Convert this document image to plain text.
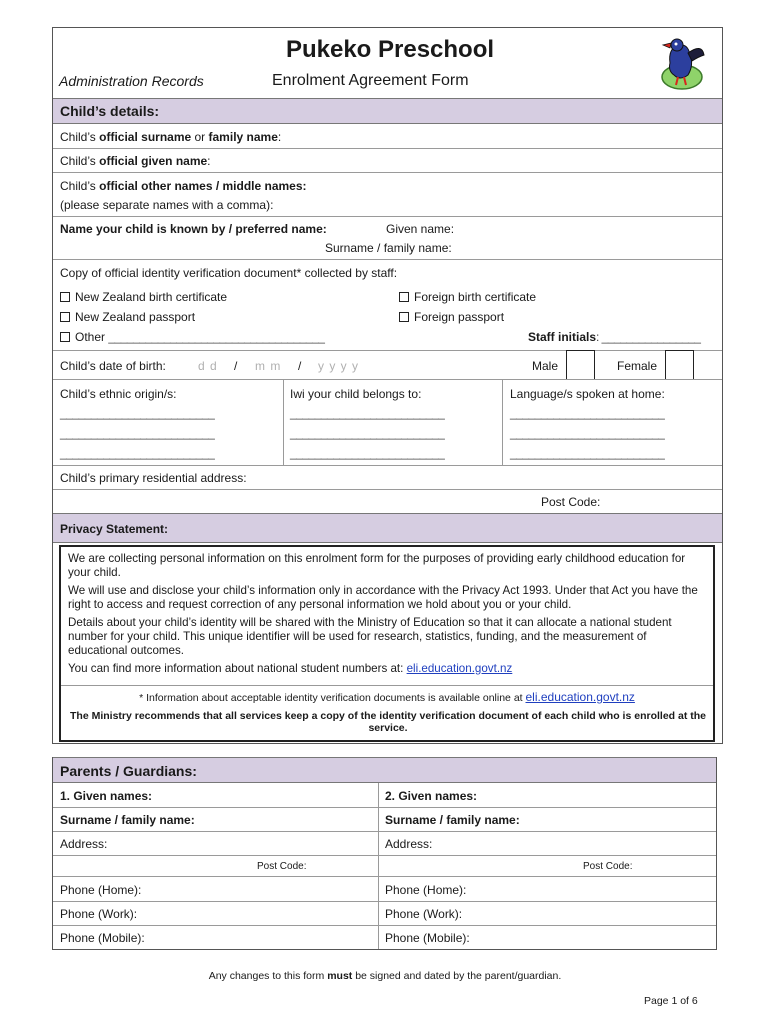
Pukeko Preschool
Administration Records	Enrolment Agreement Form
Child’s details:
Child’s official surname or family name:
Child’s official given name:
Child’s official other names / middle names:
(please separate names with a comma):
Name your child is known by / preferred name:	Given name:
Surname / family name:
Copy of official identity verification document* collected by staff:
New Zealand birth certificate	Foreign birth certificate
New Zealand passport	Foreign passport
Other ___________________________________	Staff initials: ________________
Child’s date of birth:	d d / m m / y y y y	Male	Female
Child’s ethnic origin/s:	Iwi your child belongs to:	Language/s spoken at home:
_________________________
_________________________
_________________________
_________________________
_________________________
_________________________
_________________________
_________________________
_________________________
Child’s primary residential address:
Post Code:
Privacy Statement:

We are collecting personal information on this enrolment form for the purposes of providing early childhood education for your child.

We will use and disclose your child’s information only in accordance with the Privacy Act 1993. Under that Act you have the right to access and request correction of any personal information we hold about you or your child.

Details about your child’s identity will be shared with the Ministry of Education so that it can allocate a national student number for your child. This unique identifier will be used for research, statistics, funding, and the measurement of educational outcomes.

You can find more information about national student numbers at: eli.education.govt.nz

* Information about acceptable identity verification documents is available online at eli.education.govt.nz
The Ministry recommends that all services keep a copy of the identity verification document of each child who is enrolled at the service.
Parents / Guardians:
1. Given names:	2. Given names:
Surname / family name:	Surname / family name:
Address:	Address:
Post Code:	Post Code:
Phone (Home):	Phone (Home):
Phone (Work):	Phone (Work):
Phone (Mobile):	Phone (Mobile):
Any changes to this form must be signed and dated by the parent/guardian.
Page 1 of 6
